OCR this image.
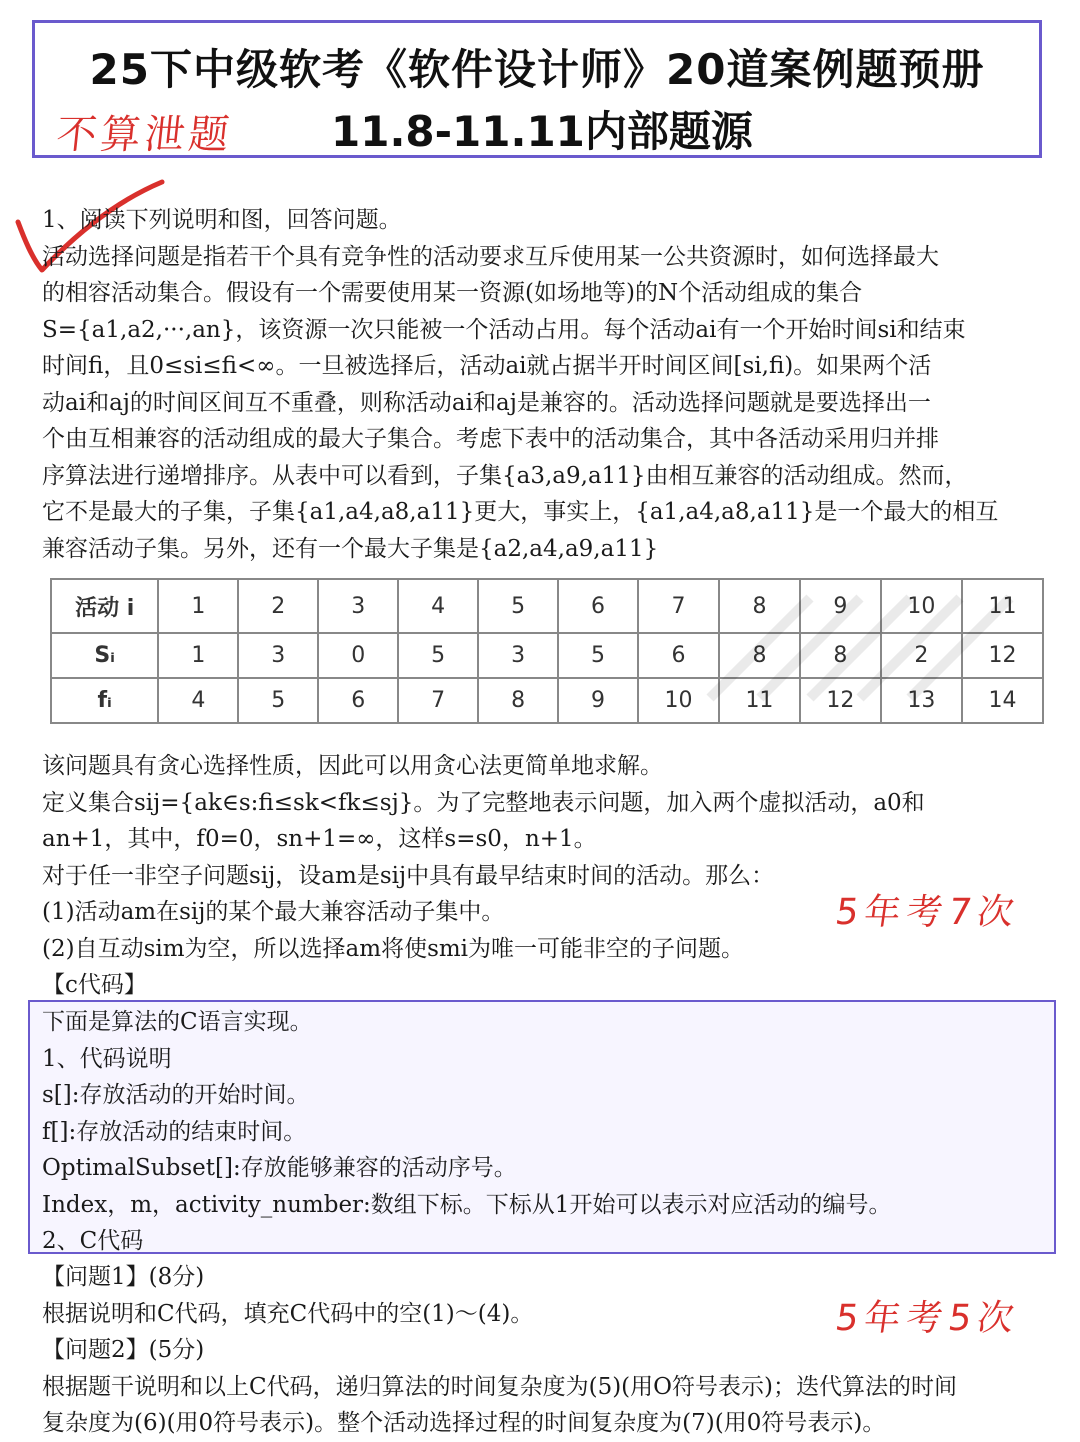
25下中级软考《软件设计师》20道案例题预册
不算泄题 11.8-11.11内部题源
1、阅读下列说明和图，回答问题。
活动选择问题是指若干个具有竞争性的活动要求互斥使用某一公共资源时，如何选择最大
的相容活动集合。假设有一个需要使用某一资源(如场地等)的N个活动组成的集合
S={a1,a2,···,an}，该资源一次只能被一个活动占用。每个活动ai有一个开始时间si和结束
时间fi，且0≤si≤fi<∞。一旦被选择后，活动ai就占据半开时间区间[si,fi)。如果两个活
动ai和aj的时间区间互不重叠，则称活动ai和aj是兼容的。活动选择问题就是要选择出一
个由互相兼容的活动组成的最大子集合。考虑下表中的活动集合，其中各活动采用归并排
序算法进行递增排序。从表中可以看到，子集{a3,a9,a11}由相互兼容的活动组成。然而，
它不是最大的子集，子集{a1,a4,a8,a11}更大，事实上，{a1,a4,a8,a11}是一个最大的相互
兼容活动子集。另外，还有一个最大子集是{a2,a4,a9,a11}
活动 i	1	2	3	4	5	6	7	8	9	10	11
Sᵢ	1	3	0	5	3	5	6	8	8	2	12
fᵢ	4	5	6	7	8	9	10	11	12	13	14
该问题具有贪心选择性质，因此可以用贪心法更简单地求解。
定义集合sij={ak∈s:fi≤sk<fk≤sj}。为了完整地表示问题，加入两个虚拟活动，a0和
an+1，其中，f0=0，sn+1=∞，这样s=s0，n+1。
对于任一非空子问题sij，设am是sij中具有最早结束时间的活动。那么：
(1)活动am在sij的某个最大兼容活动子集中。
(2)自互动sim为空，所以选择am将使smi为唯一可能非空的子问题。
【c代码】
5年考7次
下面是算法的C语言实现。
1、代码说明
s[]:存放活动的开始时间。
f[]:存放活动的结束时间。
OptimalSubset[]:存放能够兼容的活动序号。
Index，m，activity_number:数组下标。下标从1开始可以表示对应活动的编号。
2、C代码
【问题1】(8分)
根据说明和C代码，填充C代码中的空(1)～(4)。
【问题2】(5分)
根据题干说明和以上C代码，递归算法的时间复杂度为(5)(用O符号表示)；迭代算法的时间
复杂度为(6)(用0符号表示)。整个活动选择过程的时间复杂度为(7)(用0符号表示)。
5年考5次
